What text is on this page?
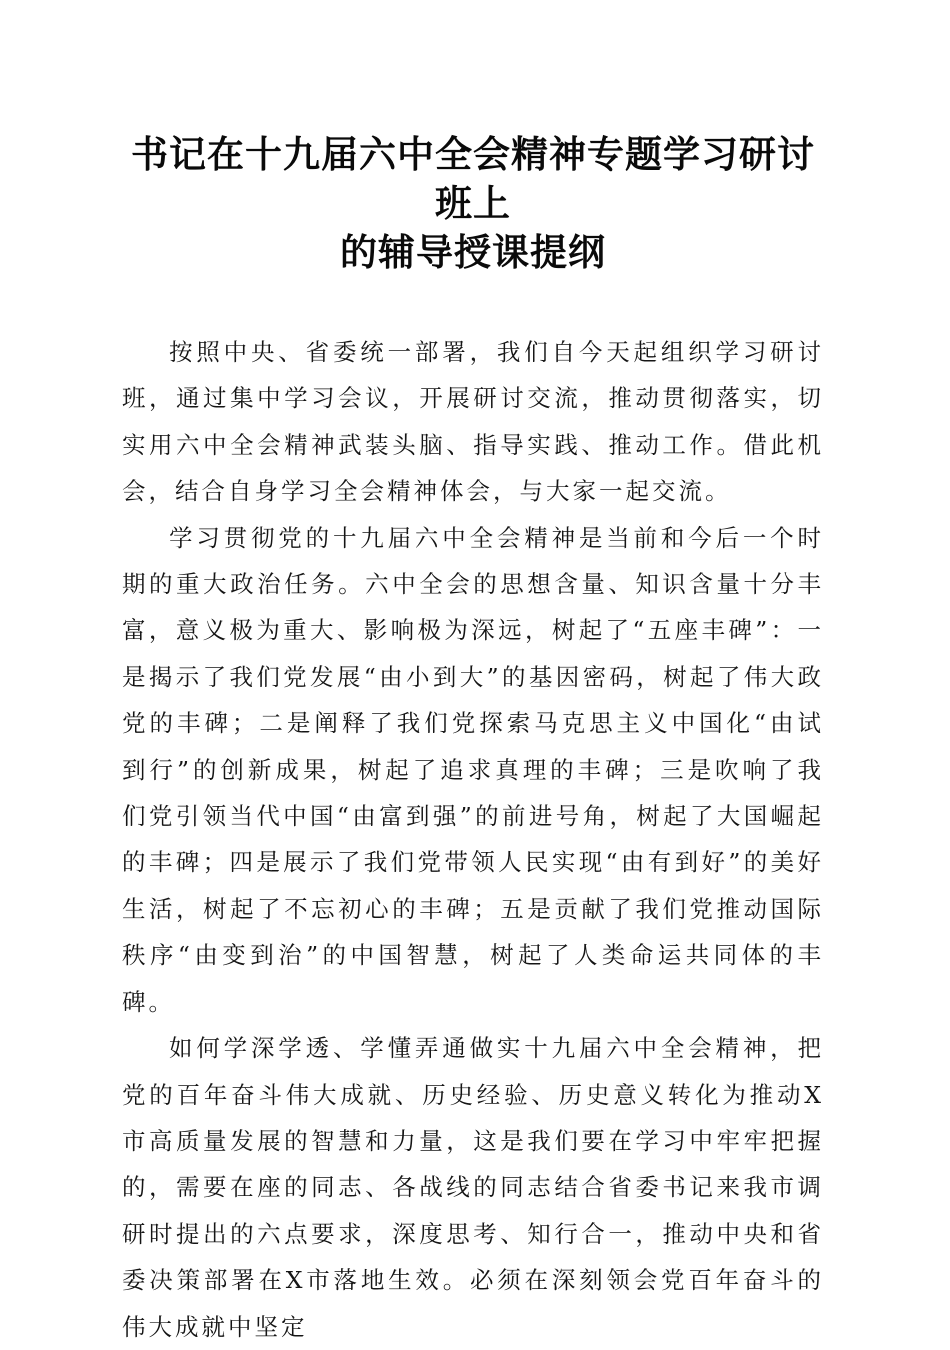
书记在十九届六中全会精神专题学习研讨班上
的辅导授课提纲

按照中央、省委统一部署，我们自今天起组织学习研讨班，通过集中学习会议，开展研讨交流，推动贯彻落实，切实用六中全会精神武装头脑、指导实践、推动工作。借此机会，结合自身学习全会精神体会，与大家一起交流。

学习贯彻党的十九届六中全会精神是当前和今后一个时期的重大政治任务。六中全会的思想含量、知识含量十分丰富，意义极为重大、影响极为深远，树起了“五座丰碑”：一是揭示了我们党发展“由小到大”的基因密码，树起了伟大政党的丰碑；二是阐释了我们党探索马克思主义中国化“由试到行”的创新成果，树起了追求真理的丰碑；三是吹响了我们党引领当代中国“由富到强”的前进号角，树起了大国崛起的丰碑；四是展示了我们党带领人民实现“由有到好”的美好生活，树起了不忘初心的丰碑；五是贡献了我们党推动国际秩序“由变到治”的中国智慧，树起了人类命运共同体的丰碑。

如何学深学透、学懂弄通做实十九届六中全会精神，把党的百年奋斗伟大成就、历史经验、历史意义转化为推动X市高质量发展的智慧和力量，这是我们要在学习中牢牢把握的，需要在座的同志、各战线的同志结合省委书记来我市调研时提出的六点要求，深度思考、知行合一，推动中央和省委决策部署在X市落地生效。必须在深刻领会党百年奋斗的伟大成就中坚定
